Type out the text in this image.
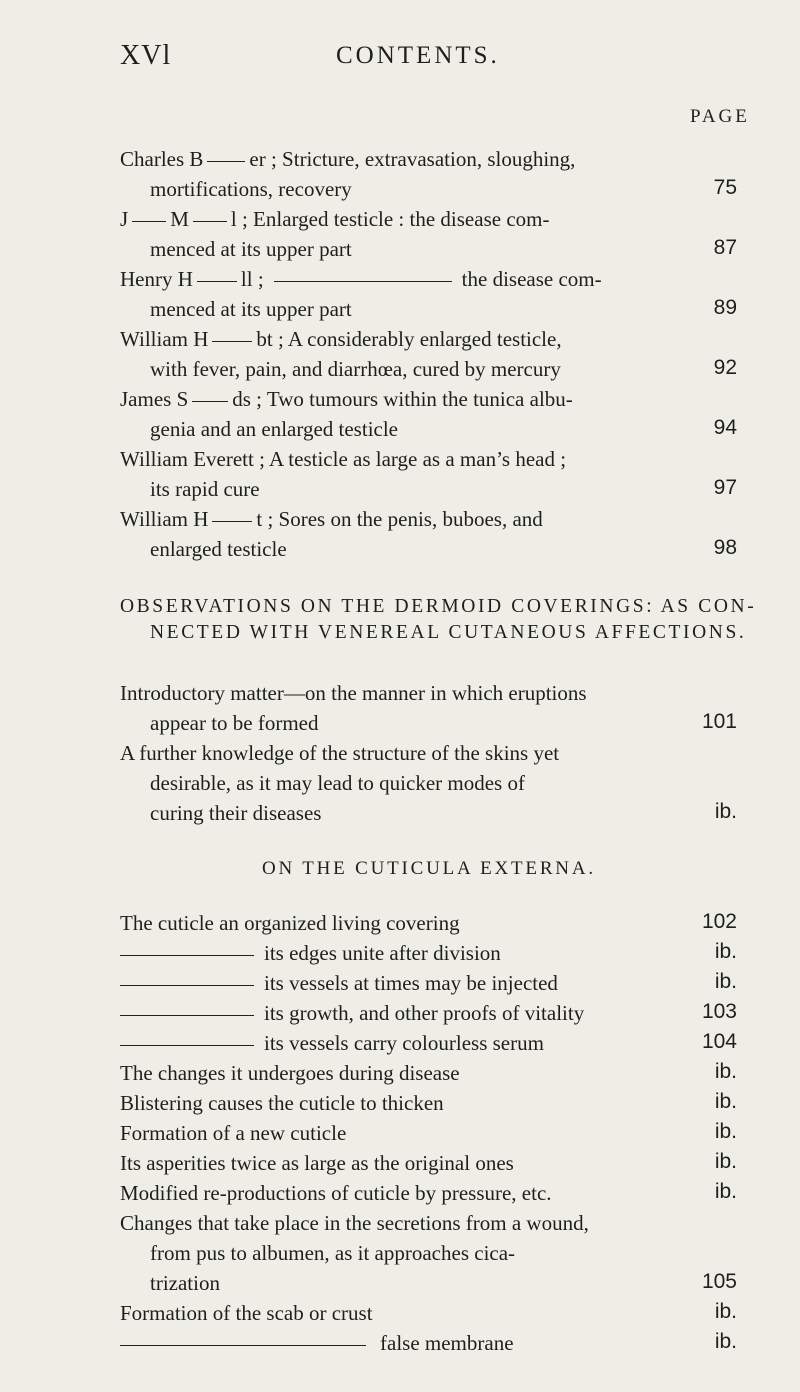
XVl	CONTENTS.
PAGE
Charles B er ; Stricture, extravasation, sloughing,
mortifications, recovery	75
J M l ; Enlarged testicle : the disease com-
menced at its upper part	87
Henry H ll ;	the disease com-
menced at its upper part	89
William H bt ; A considerably enlarged testicle,
with fever, pain, and diarrhœa, cured by mercury	92
James S ds ; Two tumours within the tunica albu-
genia and an enlarged testicle	94
William Everett ; A testicle as large as a man’s head ;
its rapid cure	97
William H t ; Sores on the penis, buboes, and
enlarged testicle	98
OBSERVATIONS ON THE DERMOID COVERINGS: AS CON-
NECTED WITH VENEREAL CUTANEOUS AFFECTIONS.
Introductory matter—on the manner in which eruptions
appear to be formed	101
A further knowledge of the structure of the skins yet
desirable, as it may lead to quicker modes of
curing their diseases	ib.
ON THE CUTICULA EXTERNA.
The cuticle an organized living covering	102
its edges unite after division	ib.
its vessels at times may be injected	ib.
its growth, and other proofs of vitality	103
its vessels carry colourless serum	104
The changes it undergoes during disease	ib.
Blistering causes the cuticle to thicken	ib.
Formation of a new cuticle	ib.
Its asperities twice as large as the original ones	ib.
Modified re-productions of cuticle by pressure, etc.	ib.
Changes that take place in the secretions from a wound,
from pus to albumen, as it approaches cica-
trization	105
Formation of the scab or crust	ib.
false membrane	ib.
